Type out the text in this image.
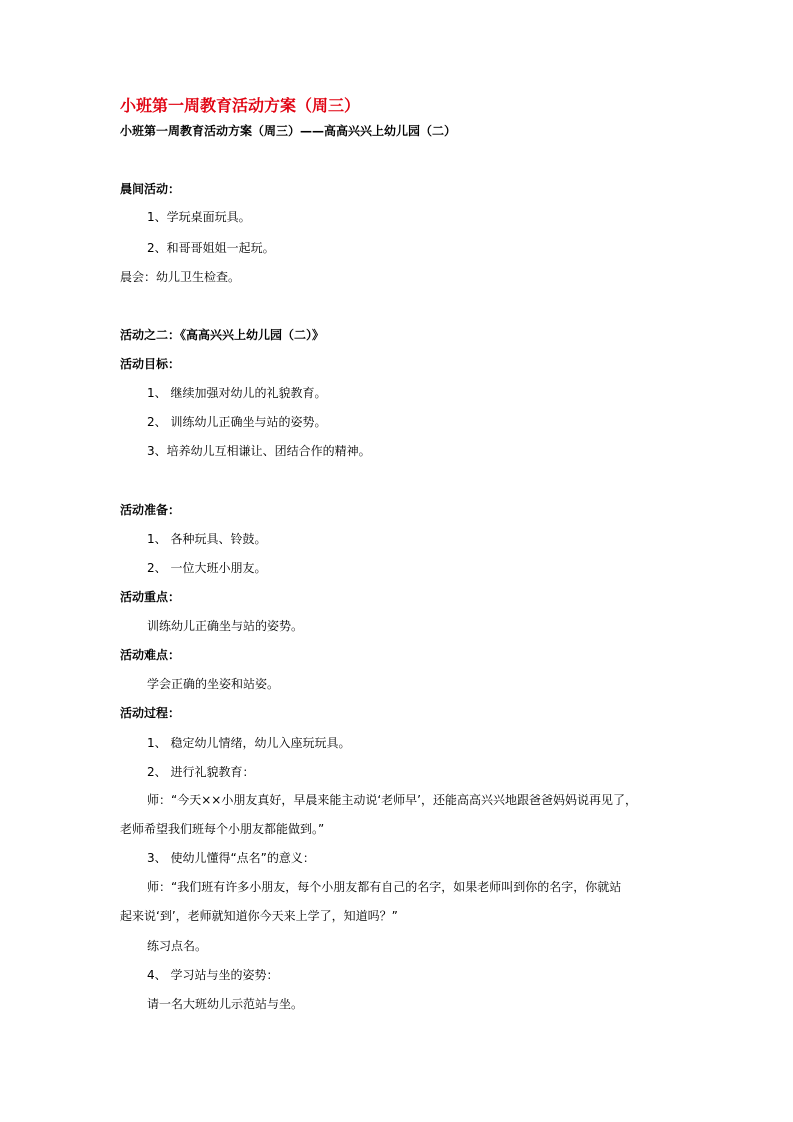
小班第一周教育活动方案（周三）
小班第一周教育活动方案（周三）——高高兴兴上幼儿园（二）
晨间活动：
1、学玩桌面玩具。
2、和哥哥姐姐一起玩。
晨会：幼儿卫生检查。
活动之二：《高高兴兴上幼儿园（二）》
活动目标：
1、 继续加强对幼儿的礼貌教育。
2、 训练幼儿正确坐与站的姿势。
3、培养幼儿互相谦让、团结合作的精神。
活动准备：
1、 各种玩具、铃鼓。
2、 一位大班小朋友。
活动重点：
训练幼儿正确坐与站的姿势。
活动难点：
学会正确的坐姿和站姿。
活动过程：
1、 稳定幼儿情绪，幼儿入座玩玩具。
2、 进行礼貌教育：
师：“今天××小朋友真好，早晨来能主动说‘老师早’，还能高高兴兴地跟爸爸妈妈说再见了，
老师希望我们班每个小朋友都能做到。”
3、 使幼儿懂得“点名”的意义：
师：“我们班有许多小朋友，每个小朋友都有自己的名字，如果老师叫到你的名字，你就站
起来说‘到’，老师就知道你今天来上学了，知道吗？”
练习点名。
4、 学习站与坐的姿势：
请一名大班幼儿示范站与坐。
